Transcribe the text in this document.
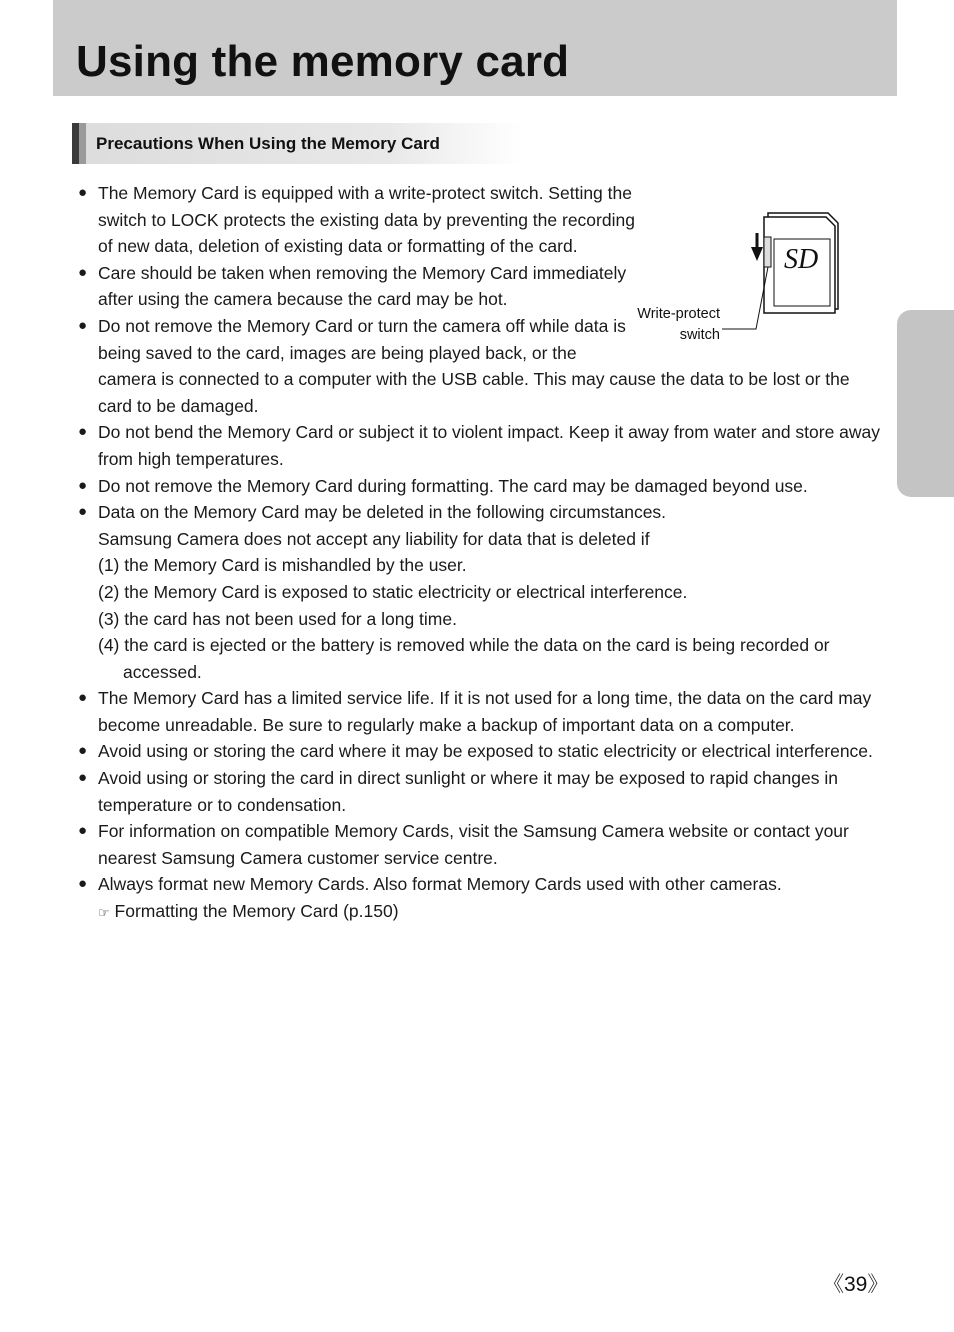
Using the memory card
Precautions When Using the Memory Card
SD
Write-protect
switch
● The Memory Card is equipped with a write-protect switch. Setting the
switch to LOCK protects the existing data by preventing the recording
of new data, deletion of existing data or formatting of the card.
● Care should be taken when removing the Memory Card immediately
after using the camera because the card may be hot.
● Do not remove the Memory Card or turn the camera off while data is
being saved to the card, images are being played back, or the
camera is connected to a computer with the USB cable. This may cause the data to be lost or the
card to be damaged.
● Do not bend the Memory Card or subject it to violent impact. Keep it away from water and store away
from high temperatures.
● Do not remove the Memory Card during formatting. The card may be damaged beyond use.
● Data on the Memory Card may be deleted in the following circumstances.
Samsung Camera does not accept any liability for data that is deleted if
(1) the Memory Card is mishandled by the user.
(2) the Memory Card is exposed to static electricity or electrical interference.
(3) the card has not been used for a long time.
(4) the card is ejected or the battery is removed while the data on the card is being recorded or
accessed.
● The Memory Card has a limited service life. If it is not used for a long time, the data on the card may
become unreadable. Be sure to regularly make a backup of important data on a computer.
● Avoid using or storing the card where it may be exposed to static electricity or electrical interference.
● Avoid using or storing the card in direct sunlight or where it may be exposed to rapid changes in
temperature or to condensation.
● For information on compatible Memory Cards, visit the Samsung Camera website or contact your
nearest Samsung Camera customer service centre.
● Always format new Memory Cards. Also format Memory Cards used with other cameras.
☞ Formatting the Memory Card (p.150)
《39》
